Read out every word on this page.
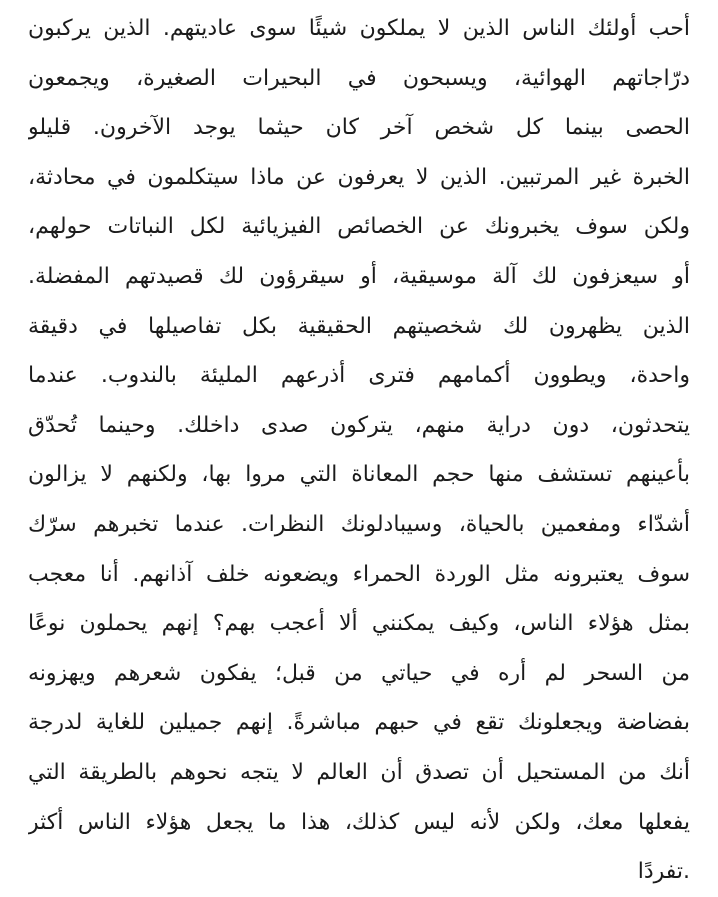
أحب أولئك الناس الذين لا يملكون شيئًا سوى عاديتهم. الذين يركبون
درّاجاتهم الهوائية، ويسبحون في البحيرات الصغيرة، ويجمعون
الحصى بينما كل شخص آخر كان حيثما يوجد الآخرون. قليلو
الخبرة غير المرتبين. الذين لا يعرفون عن ماذا سيتكلمون في محادثة،
ولكن سوف يخبرونك عن الخصائص الفيزيائية لكل النباتات حولهم،
أو سيعزفون لك آلة موسيقية، أو سيقرؤون لك قصيدتهم المفضلة.
الذين يظهرون لك شخصيتهم الحقيقية بكل تفاصيلها في دقيقة
واحدة، ويطوون أكمامهم فترى أذرعهم المليئة بالندوب. عندما
يتحدثون، دون دراية منهم، يتركون صدى داخلك. وحينما تُحدّق
بأعينهم تستشف منها حجم المعاناة التي مروا بها، ولكنهم لا يزالون
أشدّاء ومفعمين بالحياة، وسيبادلونك النظرات. عندما تخبرهم سرّك
سوف يعتبرونه مثل الوردة الحمراء ويضعونه خلف آذانهم. أنا معجب
بمثل هؤلاء الناس، وكيف يمكنني ألا أعجب بهم؟ إنهم يحملون نوعًا
من السحر لم أره في حياتي من قبل؛ يفكون شعرهم ويهزونه
بفضاضة ويجعلونك تقع في حبهم مباشرةً. إنهم جميلين للغاية لدرجة
أنك من المستحيل أن تصدق أن العالم لا يتجه نحوهم بالطريقة التي
يفعلها معك، ولكن لأنه ليس كذلك، هذا ما يجعل هؤلاء الناس أكثر
.تفردًا
